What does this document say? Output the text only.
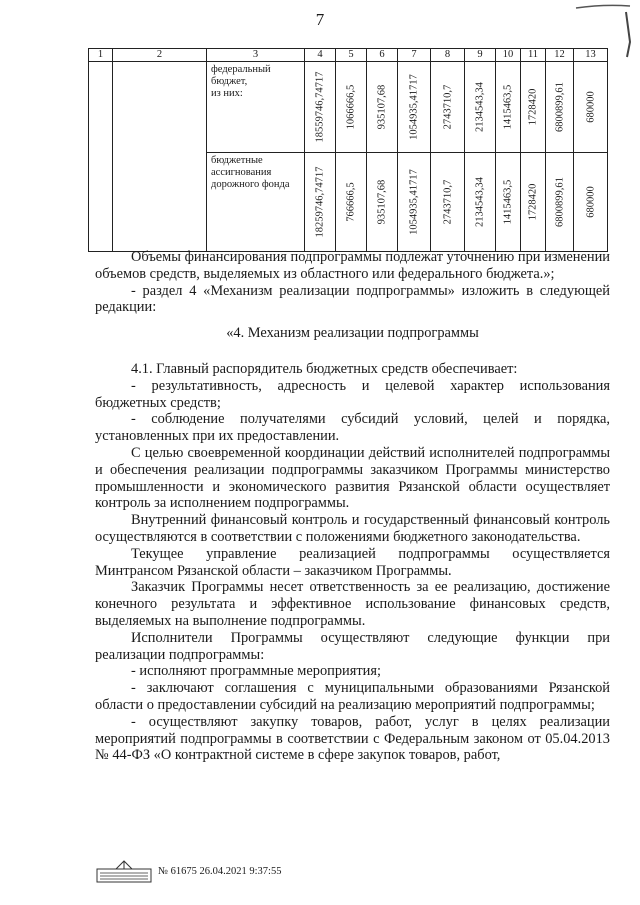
7
1	2	3	4	5	6	7	8	9	10	11	12	13
		федеральный бюджет,
из них:	18559746,74717	1066666,5	935107,68	1054935,41717	2743710,7	2134543,34	1415463,5	1728420	6800899,61	680000

		бюджетные ассигнования дорожного фонда	18259746,74717	766666,5	935107,68	1054935,41717	2743710,7	2134543,34	1415463,5	1728420	6800899,61	680000

Объемы финансирования подпрограммы подлежат уточнению при изменении объемов средств, выделяемых из областного или федерального бюджета.»;

- раздел 4 «Механизм реализации подпрограммы» изложить в следующей редакции:

«4. Механизм реализации подпрограммы

4.1. Главный распорядитель бюджетных средств обеспечивает:

- результативность, адресность и целевой характер использования бюджетных средств;

- соблюдение получателями субсидий условий, целей и порядка, установленных при их предоставлении.

С целью своевременной координации действий исполнителей подпрограммы и обеспечения реализации подпрограммы заказчиком Программы министерство промышленности и экономического развития Рязанской области осуществляет контроль за исполнением подпрограммы.

Внутренний финансовый контроль и государственный финансовый контроль осуществляются в соответствии с положениями бюджетного законодательства.

Текущее управление реализацией подпрограммы осуществляется Минтрансом Рязанской области – заказчиком Программы.

Заказчик Программы несет ответственность за ее реализацию, достижение конечного результата и эффективное использование финансовых средств, выделяемых на выполнение подпрограммы.

Исполнители Программы осуществляют следующие функции при реализации подпрограммы:

- исполняют программные мероприятия;

- заключают соглашения с муниципальными образованиями Рязанской области о предоставлении субсидий на реализацию мероприятий подпрограммы;

- осуществляют закупку товаров, работ, услуг в целях реализации мероприятий подпрограммы в соответствии с Федеральным законом от 05.04.2013 № 44-ФЗ «О контрактной системе в сфере закупок товаров, работ,

№ 61675 26.04.2021 9:37:55
